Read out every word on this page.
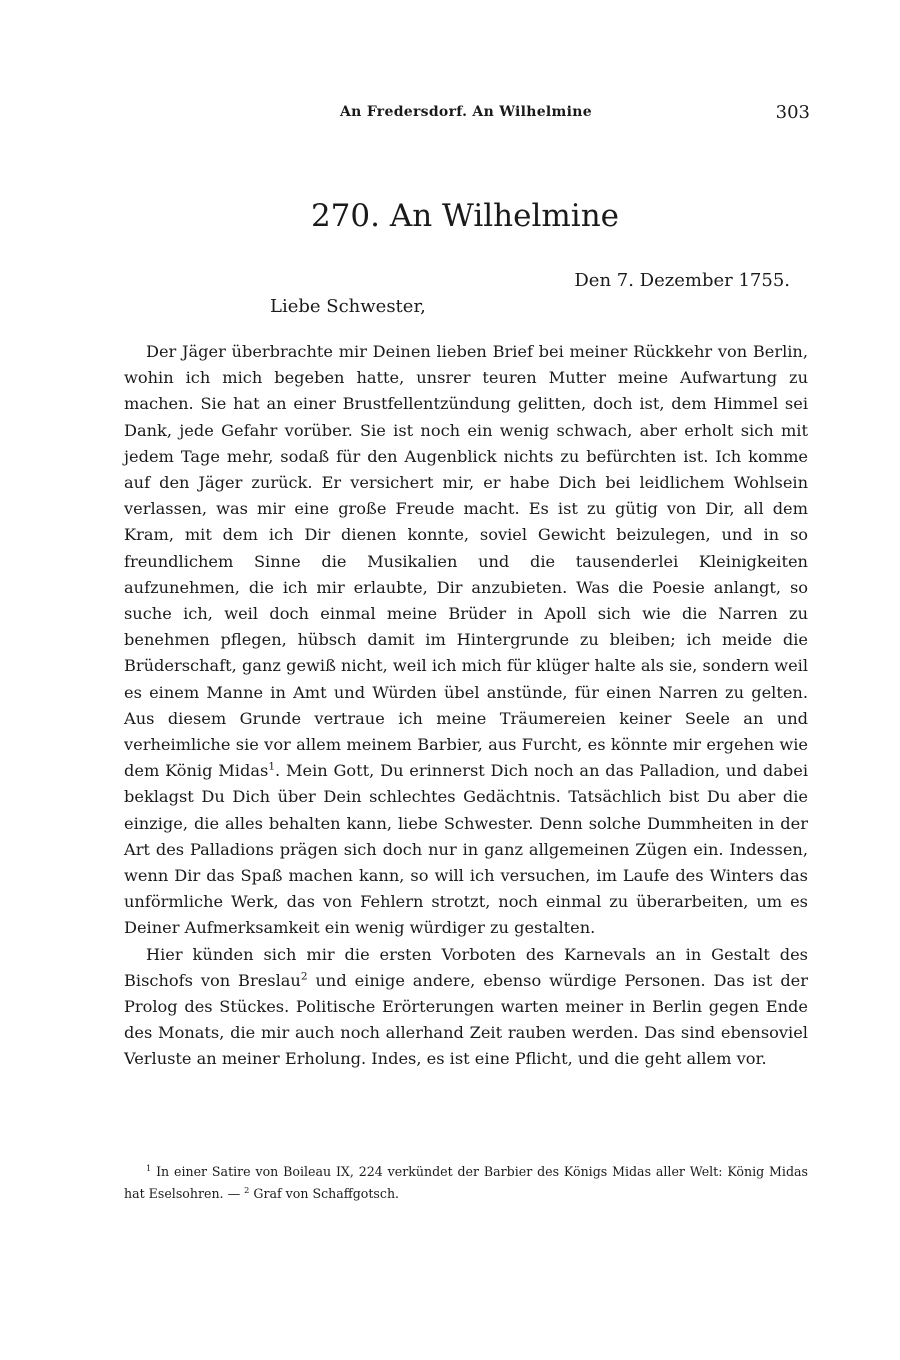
An Fredersdorf. An Wilhelmine	303
270. An Wilhelmine
Den 7. Dezember 1755.
Liebe Schwester,

Der Jäger überbrachte mir Deinen lieben Brief bei meiner Rückkehr von Berlin, wohin ich mich begeben hatte, unsrer teuren Mutter meine Aufwartung zu machen. Sie hat an einer Brustfellentzündung gelitten, doch ist, dem Himmel sei Dank, jede Gefahr vorüber. Sie ist noch ein wenig schwach, aber erholt sich mit jedem Tage mehr, sodaß für den Augenblick nichts zu befürchten ist. Ich komme auf den Jäger zurück. Er versichert mir, er habe Dich bei leidlichem Wohlsein verlassen, was mir eine große Freude macht. Es ist zu gütig von Dir, all dem Kram, mit dem ich Dir dienen konnte, soviel Gewicht beizulegen, und in so freundlichem Sinne die Musikalien und die tausenderlei Kleinigkeiten aufzunehmen, die ich mir erlaubte, Dir anzubieten. Was die Poesie anlangt, so suche ich, weil doch einmal meine Brüder in Apoll sich wie die Narren zu benehmen pflegen, hübsch damit im Hintergrunde zu bleiben; ich meide die Brüderschaft, ganz gewiß nicht, weil ich mich für klüger halte als sie, sondern weil es einem Manne in Amt und Würden übel anstünde, für einen Narren zu gelten. Aus diesem Grunde vertraue ich meine Träumereien keiner Seele an und verheimliche sie vor allem meinem Barbier, aus Furcht, es könnte mir ergehen wie dem König Midas$^1$. Mein Gott, Du erinnerst Dich noch an das Palladion, und dabei beklagst Du Dich über Dein schlechtes Gedächtnis. Tatsächlich bist Du aber die einzige, die alles behalten kann, liebe Schwester. Denn solche Dummheiten in der Art des Palladions prägen sich doch nur in ganz allgemeinen Zügen ein. Indessen, wenn Dir das Spaß machen kann, so will ich versuchen, im Laufe des Winters das unförmliche Werk, das von Fehlern strotzt, noch einmal zu überarbeiten, um es Deiner Aufmerksamkeit ein wenig würdiger zu gestalten.

Hier künden sich mir die ersten Vorboten des Karnevals an in Gestalt des Bischofs von Breslau$^2$ und einige andere, ebenso würdige Personen. Das ist der Prolog des Stückes. Politische Erörterungen warten meiner in Berlin gegen Ende des Monats, die mir auch noch allerhand Zeit rauben werden. Das sind ebensoviel Verluste an meiner Erholung. Indes, es ist eine Pflicht, und die geht allem vor.

$^1$ In einer Satire von Boileau IX, 224 verkündet der Barbier des Königs Midas aller Welt: König Midas hat Eselsohren. — $^2$ Graf von Schaffgotsch.
